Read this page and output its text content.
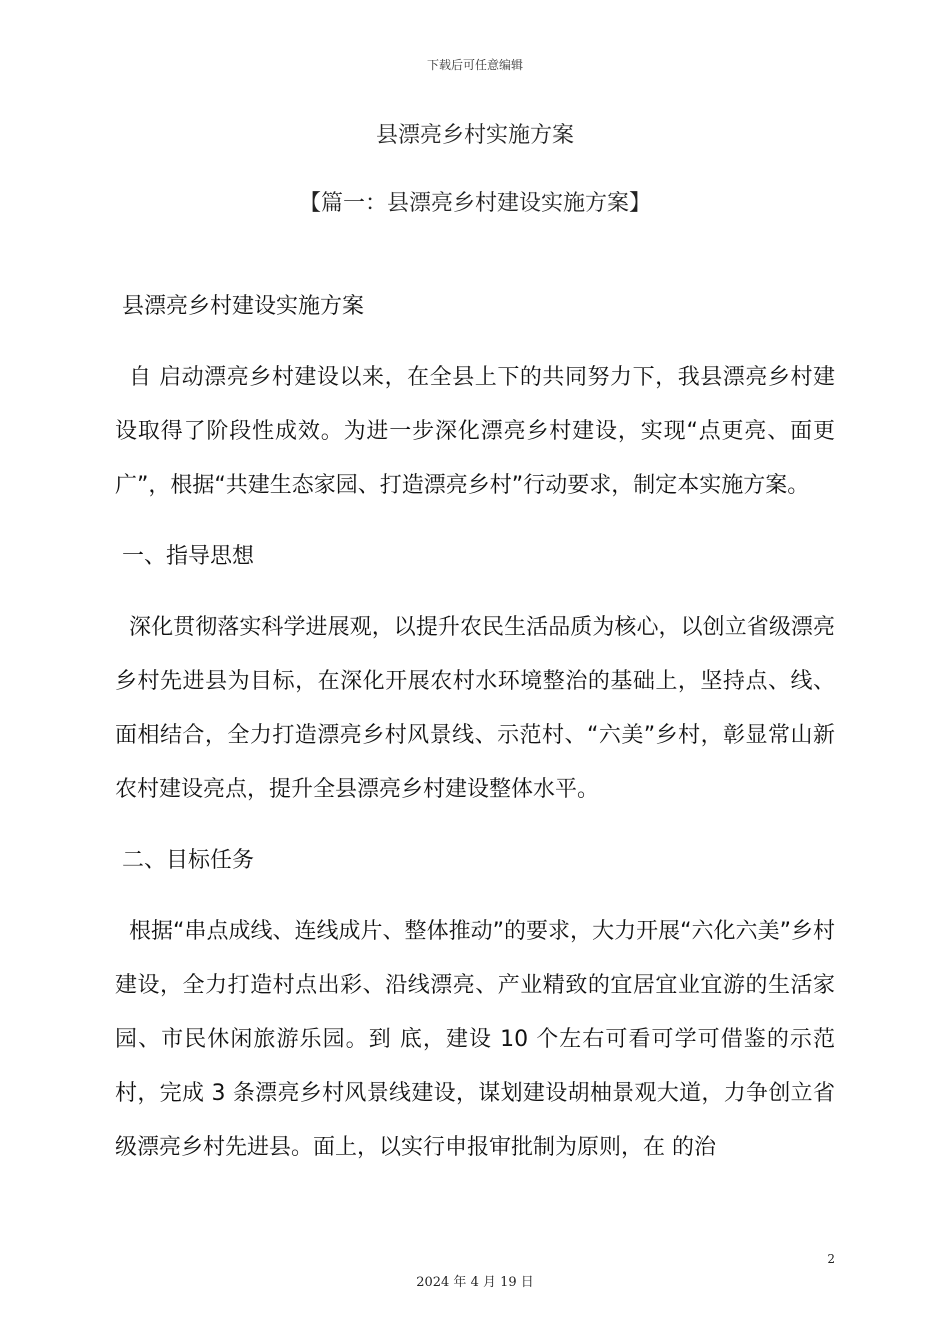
下载后可任意编辑
县漂亮乡村实施方案
【篇一：县漂亮乡村建设实施方案】

县漂亮乡村建设实施方案

自 启动漂亮乡村建设以来，在全县上下的共同努力下，我县漂亮乡村建设取得了阶段性成效。为进一步深化漂亮乡村建设，实现“点更亮、面更广”，根据“共建生态家园、打造漂亮乡村”行动要求，制定本实施方案。

一、指导思想

深化贯彻落实科学进展观，以提升农民生活品质为核心，以创立省级漂亮乡村先进县为目标，在深化开展农村水环境整治的基础上，坚持点、线、面相结合，全力打造漂亮乡村风景线、示范村、“六美”乡村，彰显常山新农村建设亮点，提升全县漂亮乡村建设整体水平。

二、目标任务

根据“串点成线、连线成片、整体推动”的要求，大力开展“六化六美”乡村建设，全力打造村点出彩、沿线漂亮、产业精致的宜居宜业宜游的生活家园、市民休闲旅游乐园。到 底，建设 10 个左右可看可学可借鉴的示范村，完成 3 条漂亮乡村风景线建设，谋划建设胡柚景观大道，力争创立省级漂亮乡村先进县。面上，以实行申报审批制为原则，在 的治

2
2024 年 4 月 19 日
